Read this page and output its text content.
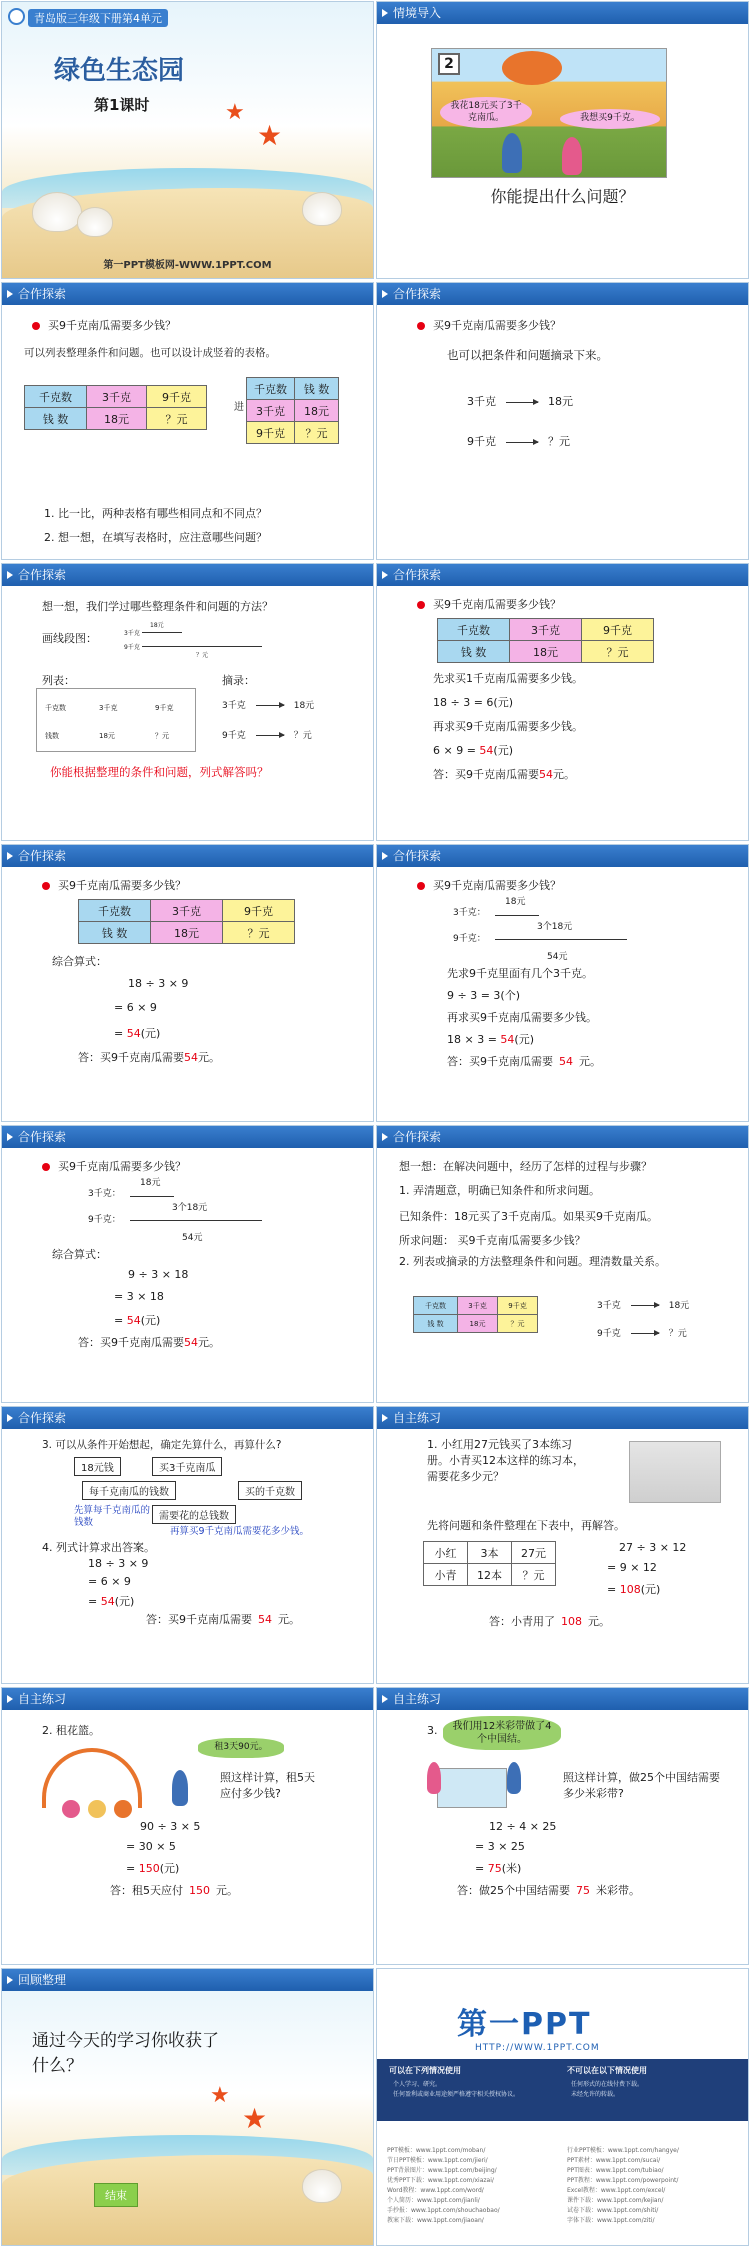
青岛版三年级下册第4单元
绿色生态园
第1课时	★
★
第一PPT模板网-WWW.1PPT.COM
情境导入
2
我花18元买了3千克南瓜。	我想买9千克。
你能提出什么问题？
合作探索
买9千克南瓜需要多少钱？
可以列表整理条件和问题。也可以设计成竖着的表格。
千克数	3千克	9千克
钱 数	18元	？元
进
千克数	钱 数
3千克	18元
9千克	？元
1. 比一比，两种表格有哪些相同点和不同点？
2. 想一想，在填写表格时，应注意哪些问题？
合作探索
买9千克南瓜需要多少钱？
也可以把条件和问题摘录下来。
3千克	18元
9千克	？元
合作探索
想一想，我们学过哪些整理条件和问题的方法？
画线段图：
18元
3千克
9千克
？元
列表：	摘录：
千克数	3千克	9千克
钱数	18元	？元
3千克	18元
9千克	？元
你能根据整理的条件和问题，列式解答吗？
合作探索
买9千克南瓜需要多少钱？
千克数	3千克	9千克
钱 数	18元	？元
先求买1千克南瓜需要多少钱。
18 ÷ 3 = 6(元)
再求买9千克南瓜需要多少钱。
6 × 9 = 54(元)
答：买9千克南瓜需要54元。
合作探索
买9千克南瓜需要多少钱？
千克数	3千克	9千克
钱 数	18元	？元
综合算式：
18 ÷ 3 × 9
= 6 × 9
= 54(元)
答：买9千克南瓜需要54元。
合作探索
买9千克南瓜需要多少钱？
18元
3千克：
3个18元
9千克：
54元
先求9千克里面有几个3千克。
9 ÷ 3 = 3(个)
再求买9千克南瓜需要多少钱。
18 × 3 = 54(元)
答：买9千克南瓜需要 54 元。
合作探索
买9千克南瓜需要多少钱？
18元
3千克：
3个18元
9千克：
54元
综合算式：
9 ÷ 3 × 18
= 3 × 18
= 54(元)
答：买9千克南瓜需要54元。
合作探索
想一想：在解决问题中，经历了怎样的过程与步骤？
1. 弄清题意，明确已知条件和所求问题。
已知条件：18元买了3千克南瓜。如果买9千克南瓜。
所求问题： 买9千克南瓜需要多少钱？
2. 列表或摘录的方法整理条件和问题。理清数量关系。
千克数	3千克	9千克
钱 数	18元	？元
3千克	18元
9千克	？元
合作探索
3. 可以从条件开始想起，确定先算什么，再算什么?
18元钱	买3千克南瓜
每千克南瓜的钱数	买的千克数
需要花的总钱数
先算每千克南瓜的钱数
再算买9千克南瓜需要花多少钱。
4. 列式计算求出答案。
18 ÷ 3 × 9
= 6 × 9
= 54(元)
答：买9千克南瓜需要 54 元。
自主练习
1. 小红用27元钱买了3本练习册。小青买12本这样的练习本，需要花多少元？
先将问题和条件整理在下表中，再解答。
小红	3本	27元
小青	12本	？元
27 ÷ 3 × 12
= 9 × 12
= 108(元)
答：小青用了 108 元。
自主练习
2. 租花篮。
租3天90元。
照这样计算，租5天应付多少钱?
90 ÷ 3 × 5
= 30 × 5
= 150(元)
答：租5天应付 150 元。
自主练习
3.	我们用12米彩带做了4个中国结。
照这样计算，做25个中国结需要多少米彩带?
12 ÷ 4 × 25
= 3 × 25
= 75(米)
答：做25个中国结需要 75 米彩带。
回顾整理
通过今天的学习你收获了什么？
★
★
结束
第一PPT
HTTP://WWW.1PPT.COM
可以在下列情况使用
个人学习、研究。
任何盈利或商业用途须严格遵守相关授权协议。
不可以在以下情况使用
任何形式的在线付费下载。
未经允许的转载。
PPT模板：www.1ppt.com/moban/	行业PPT模板：www.1ppt.com/hangye/
节日PPT模板：www.1ppt.com/jieri/	PPT素材：www.1ppt.com/sucai/
PPT背景图片：www.1ppt.com/beijing/	PPT图表：www.1ppt.com/tubiao/
优秀PPT下载：www.1ppt.com/xiazai/	PPT教程：www.1ppt.com/powerpoint/
Word教程：www.1ppt.com/word/	Excel教程：www.1ppt.com/excel/
个人简历：www.1ppt.com/jianli/	课件下载：www.1ppt.com/kejian/
手抄报：www.1ppt.com/shouchaobao/	试卷下载：www.1ppt.com/shiti/
教案下载：www.1ppt.com/jiaoan/	字体下载：www.1ppt.com/ziti/
